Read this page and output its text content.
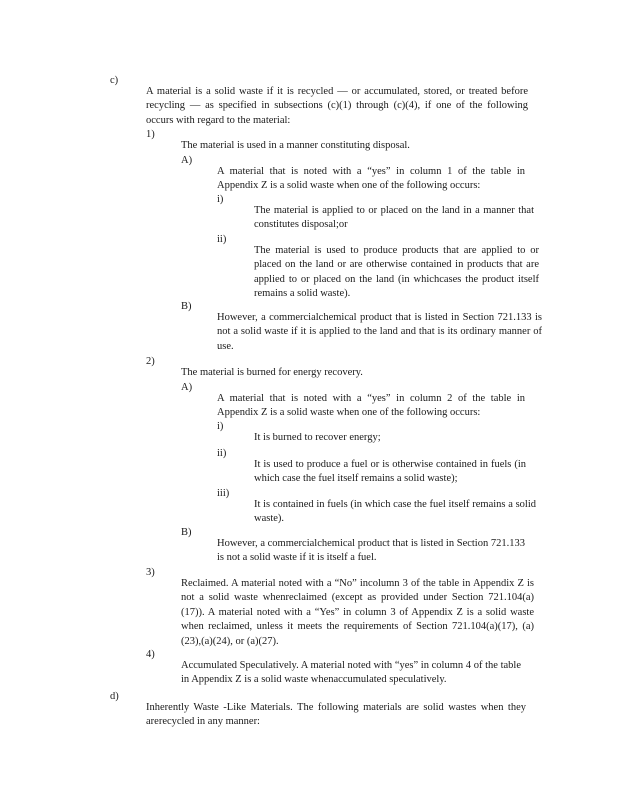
c)

A material is a solid waste if it is recycled — or accumulated, stored, or treated before recycling — as specified in subsections (c)(1) through (c)(4), if one of the following occurs with regard to the material:

1)

The material is used in a manner constituting disposal.

A)

A material that is noted with a “yes” in column 1 of the table in Appendix Z is a solid waste when one of the following occurs:

i)

The material is applied to or placed on the land in a manner that constitutes disposal;or

ii)

The material is used to produce products that are applied to or placed on the land or are otherwise contained in products that are applied to or placed on the land (in whichcases the product itself remains a solid waste).

B)

However, a commercialchemical product that is listed in Section 721.133 is not a solid waste if it is applied to the land and that is its ordinary manner of use.

2)

The material is burned for energy recovery.

A)

A material that is noted with a “yes” in column 2 of the table in Appendix Z is a solid waste when one of the following occurs:

i)

It is burned to recover energy;

ii)

It is used to produce a fuel or is otherwise contained in fuels (in which case the fuel itself remains a solid waste);

iii)

It is contained in fuels (in which case the fuel itself remains a solid waste).

B)

However, a commercialchemical product that is listed in Section 721.133 is not a solid waste if it is itself a fuel.

3)

Reclaimed. A material noted with a “No” incolumn 3 of the table in Appendix Z is not a solid waste whenreclaimed (except as provided under Section 721.104(a)(17)). A material noted with a “Yes” in column 3 of Appendix Z is a solid waste when reclaimed, unless it meets the requirements of Section 721.104(a)(17), (a)(23),(a)(24), or (a)(27).

4)

Accumulated Speculatively. A material noted with “yes” in column 4 of the table in Appendix Z is a solid waste whenaccumulated speculatively.

d)

Inherently Waste -Like Materials. The following materials are solid wastes when they arerecycled in any manner:
